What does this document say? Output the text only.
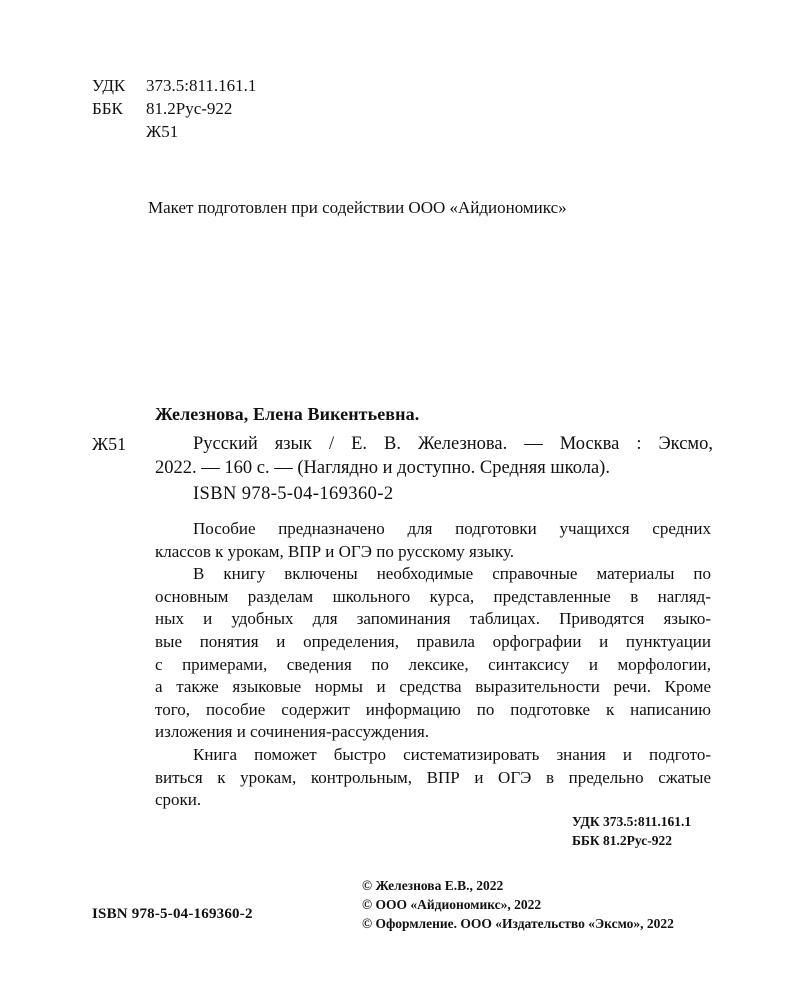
УДК 373.5:811.161.1
ББК 81.2Рус-922
Ж51
Макет подготовлен при содействии ООО «Айдиономикс»
Железнова, Елена Викентьевна.
Ж51	Русский язык / Е. В. Железнова. — Москва : Эксмо,
2022. — 160 с. — (Наглядно и доступно. Средняя школа).
ISBN 978-5-04-169360-2
Пособие предназначено для подготовки учащихся средних
классов к урокам, ВПР и ОГЭ по русскому языку.
В книгу включены необходимые справочные материалы по
основным разделам школьного курса, представленные в нагляд-
ных и удобных для запоминания таблицах. Приводятся языко-
вые понятия и определения, правила орфографии и пунктуации
с примерами, сведения по лексике, синтаксису и морфологии,
а также языковые нормы и средства выразительности речи. Кроме
того, пособие содержит информацию по подготовке к написанию
изложения и сочинения-рассуждения.
Книга поможет быстро систематизировать знания и подгото-
виться к урокам, контрольным, ВПР и ОГЭ в предельно сжатые
сроки.
УДК 373.5:811.161.1
ББК 81.2Рус-922
© Железнова Е.В., 2022
© ООО «Айдиономикс», 2022
© Оформление. ООО «Издательство «Эксмо», 2022
ISBN 978-5-04-169360-2
